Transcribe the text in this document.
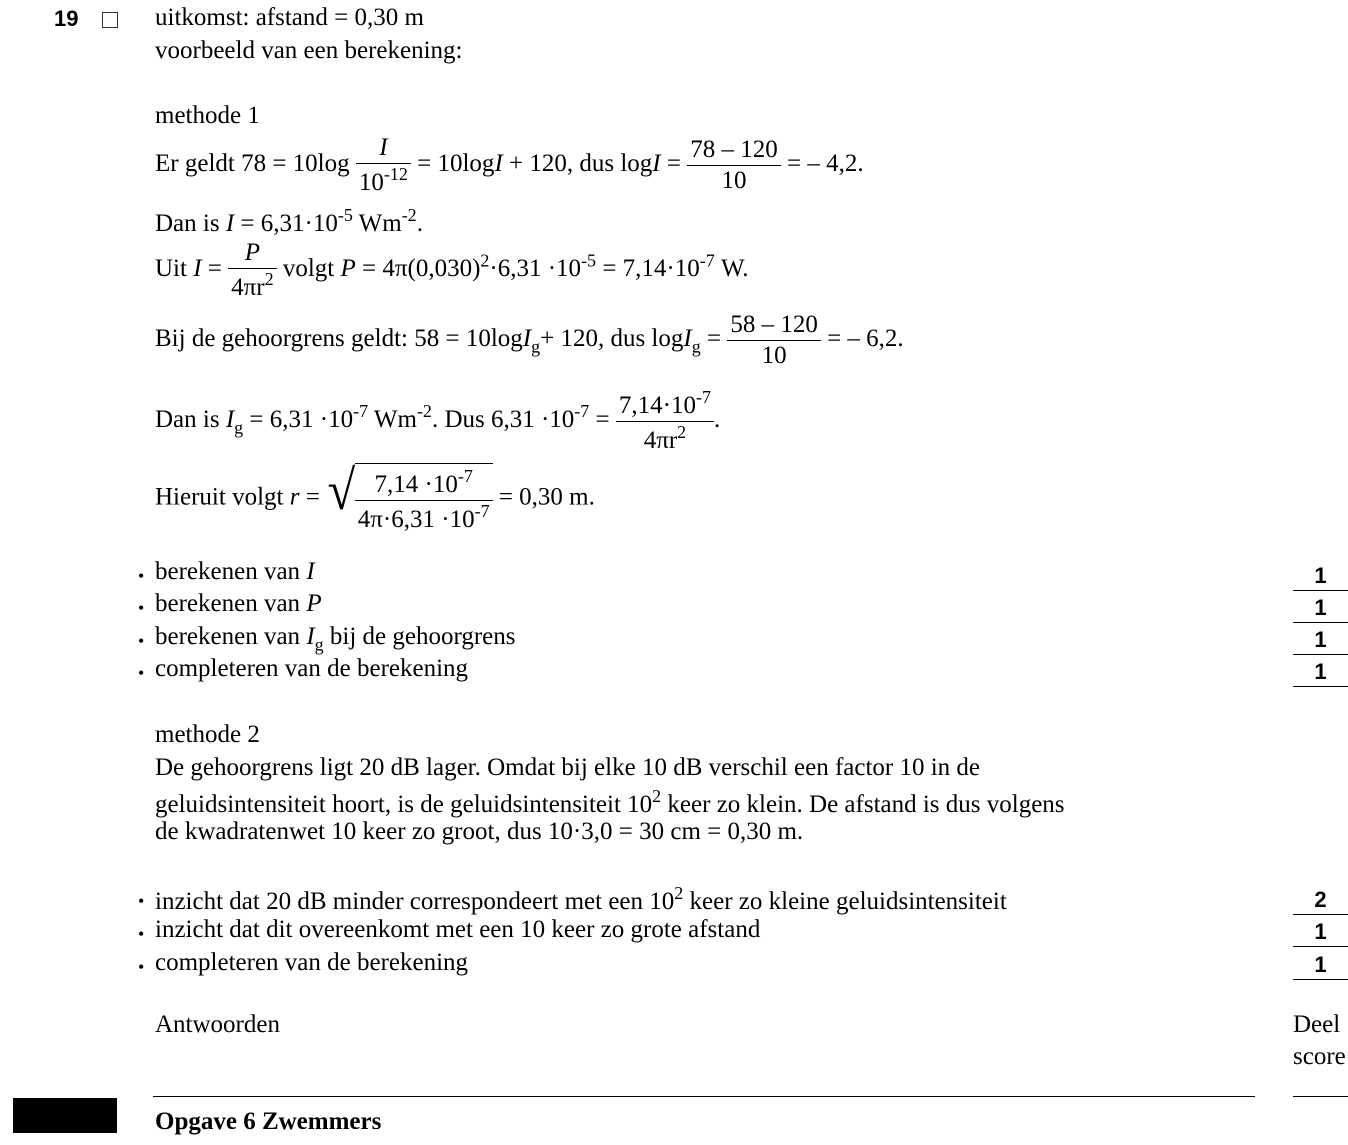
19	uitkomst: afstand = 0,30 m
voorbeeld van een berekening:
methode 1
Er geldt $78 = 10\log \frac{I}{10^{-12}} = 10\log I + 120$, dus $\log I = \frac{78 - 120}{10}$ = – 4,2.
Dan is $I = 6,31\cdot 10^{-5}$ $Wm^{-2}$.
Uit $I = \frac{P}{4\pi r^2}$ volgt $P = 4\pi(0,030)^2\cdot 6,31 \cdot 10^{-5} = 7,14\cdot 10^{-7}$ W.
Bij de gehoorgrens geldt: 58 = 10logI$_g$+ 120, dus $\log I_g = \frac{58 - 120}{10}$ = – 6,2.
Dan is $I_g = 6,31 \cdot 10^{-7}$ $Wm^{-2}$. Dus $6,31 \cdot 10^{-7} = \frac{7,14\cdot 10^{-7}}{4\pi r^2}$ .
Hieruit volgt r = √ $\frac{7,14 \cdot 10^{-7}}{4\pi\cdot 6,31 \cdot 10^{-7}} = 0,30$ m.
• berekenen van I	1
• berekenen van P	1
• berekenen van $I_g$ bij de gehoorgrens	1
• completeren van de berekening	1
methode 2
De gehoorgrens ligt 20 dB lager. Omdat bij elke 10 dB verschil een factor 10 in de
geluidsintensiteit hoort, is de geluidsintensiteit $10^2$ keer zo klein. De afstand is dus volgens
de kwadratenwet 10 keer zo groot, dus 10·3,0 = 30 cm = 0,30 m.
• inzicht dat 20 dB minder correspondeert met een $10^2$ keer zo kleine geluidsintensiteit	2
• inzicht dat dit overeenkomt met een 10 keer zo grote afstand	1
• completeren van de berekening	1
Antwoorden	Deel
score
Opgave 6 Zwemmers
